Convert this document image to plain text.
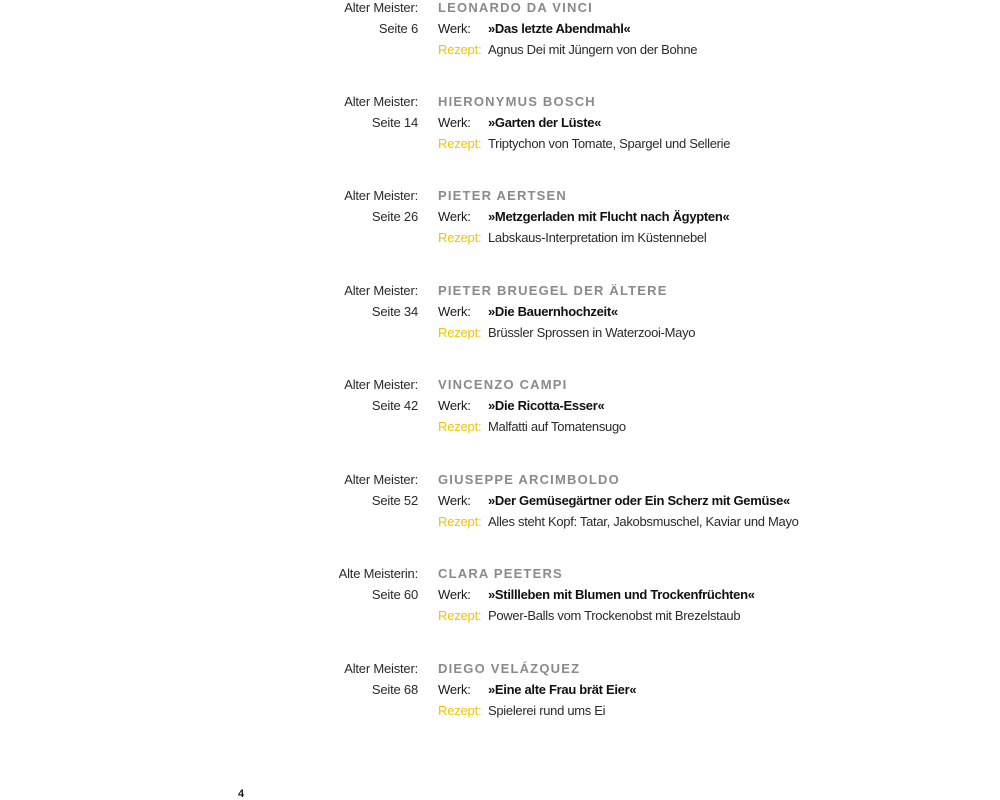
Alter Meister:
Seite 6
LEONARDO DA VINCI
Werk: »Das letzte Abendmahl«
Rezept: Agnus Dei mit Jüngern von der Bohne
Alter Meister:
Seite 14
HIERONYMUS BOSCH
Werk: »Garten der Lüste«
Rezept: Triptychon von Tomate, Spargel und Sellerie
Alter Meister:
Seite 26
PIETER AERTSEN
Werk: »Metzgerladen mit Flucht nach Ägypten«
Rezept: Labskaus-Interpretation im Küstennebel
Alter Meister:
Seite 34
PIETER BRUEGEL DER ÄLTERE
Werk: »Die Bauernhochzeit«
Rezept: Brüssler Sprossen in Waterzooi-Mayo
Alter Meister:
Seite 42
VINCENZO CAMPI
Werk: »Die Ricotta-Esser«
Rezept: Malfatti auf Tomatensugo
Alter Meister:
Seite 52
GIUSEPPE ARCIMBOLDO
Werk: »Der Gemüsegärtner oder Ein Scherz mit Gemüse«
Rezept: Alles steht Kopf: Tatar, Jakobsmuschel, Kaviar und Mayo
Alte Meisterin:
Seite 60
CLARA PEETERS
Werk: »Stillleben mit Blumen und Trockenfrüchten«
Rezept: Power-Balls vom Trockenobst mit Brezelstaub
Alter Meister:
Seite 68
DIEGO VELÁZQUEZ
Werk: »Eine alte Frau brät Eier«
Rezept: Spielerei rund ums Ei
4
